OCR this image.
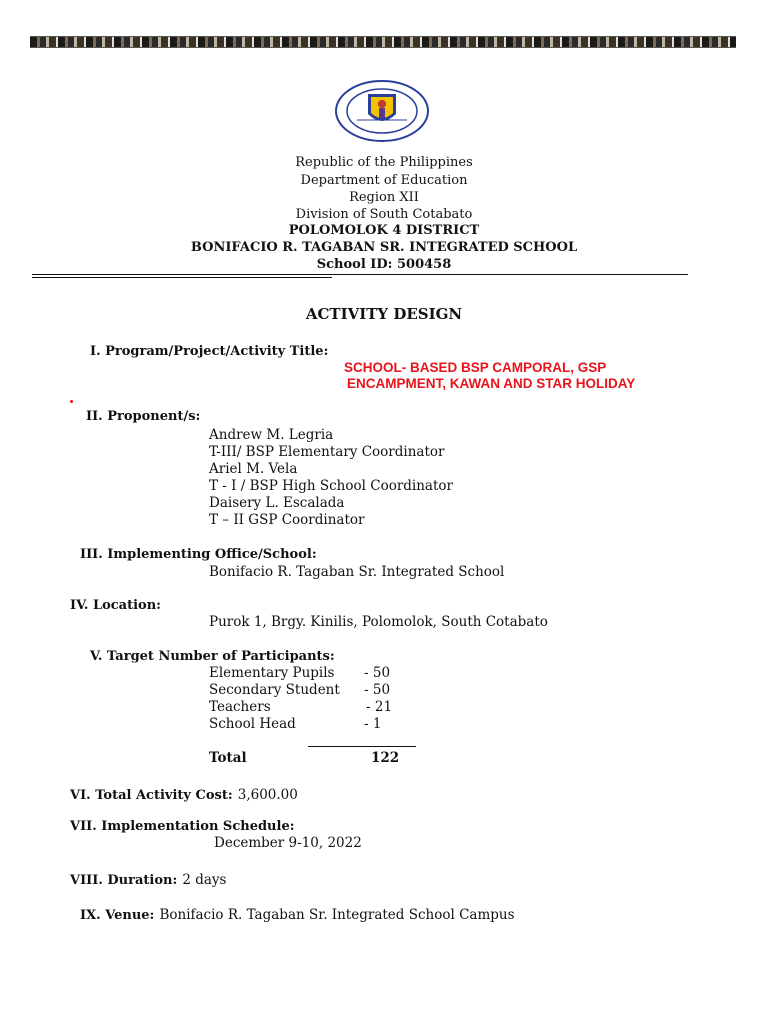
Republic of the Philippines
Department of Education
Region XII
Division of South Cotabato
POLOMOLOK 4 DISTRICT
BONIFACIO R. TAGABAN SR. INTEGRATED SCHOOL
School ID: 500458
ACTIVITY DESIGN
I. Program/Project/Activity Title:
SCHOOL- BASED BSP CAMPORAL, GSP
ENCAMPMENT, KAWAN AND STAR HOLIDAY
II. Proponent/s:
Andrew M. Legria
T-III/ BSP Elementary Coordinator
Ariel M. Vela
T - I / BSP High School Coordinator
Daisery L. Escalada
T – II GSP Coordinator
III. Implementing Office/School:
Bonifacio R. Tagaban Sr. Integrated School
IV. Location:
Purok 1, Brgy. Kinilis, Polomolok, South Cotabato
V. Target Number of Participants:
Elementary Pupils - 50
Secondary Student - 50
Teachers	- 21
School Head	- 1
Total	122
VI. Total Activity Cost: 3,600.00
VII. Implementation Schedule:
December 9-10, 2022
VIII. Duration: 2 days
IX. Venue: Bonifacio R. Tagaban Sr. Integrated School Campus
